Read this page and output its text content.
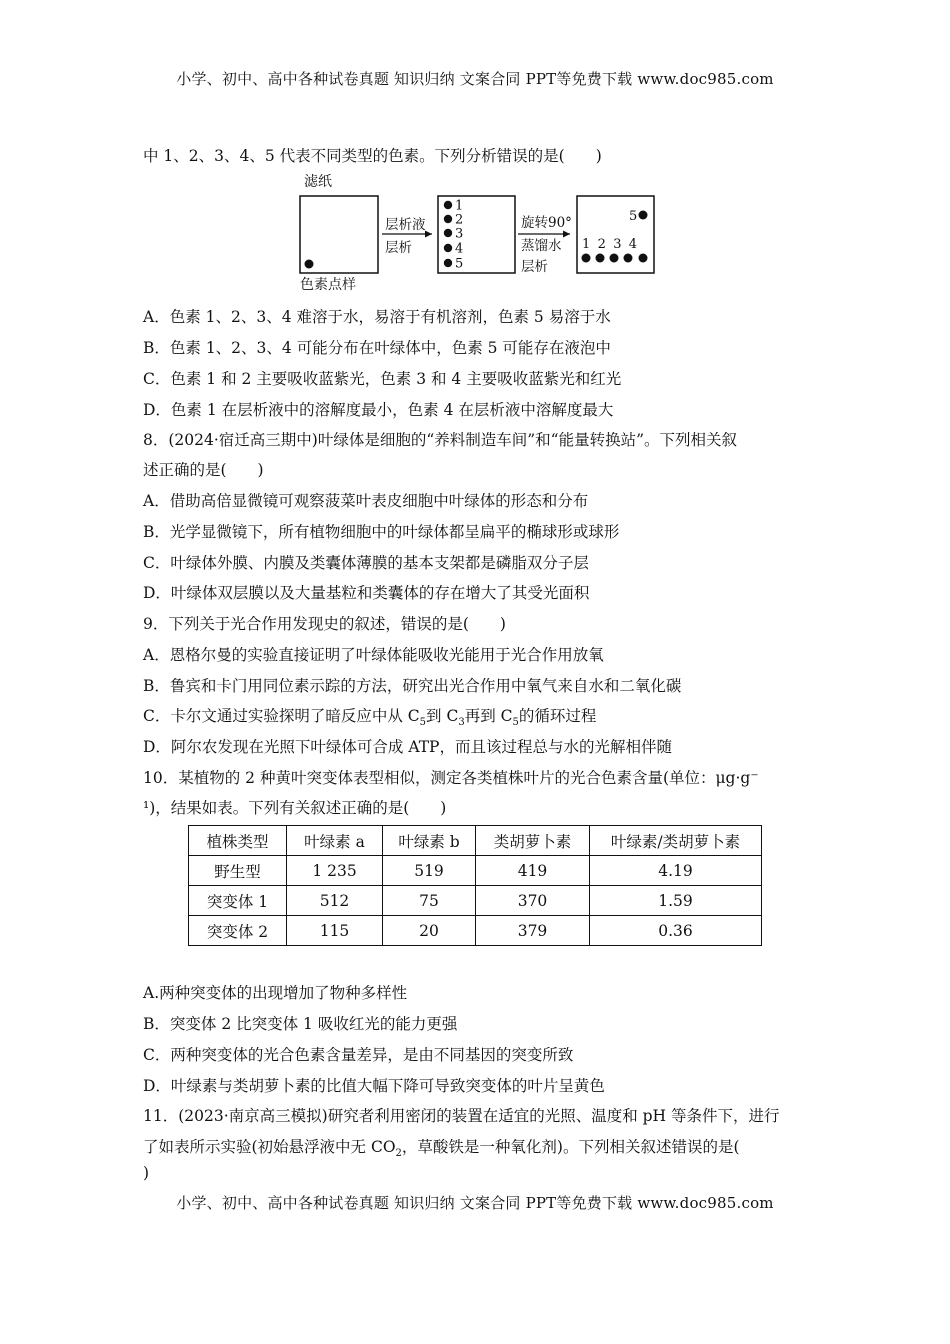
小学、初中、高中各种试卷真题 知识归纳 文案合同 PPT等免费下载 www.doc985.com
中 1、2、3、4、5 代表不同类型的色素。下列分析错误的是(　　)
滤纸
色素点样
层析液
层析
1
2
3
4
5
旋转90°
蒸馏水
层析
5
1 2 3 4
A．色素 1、2、3、4 难溶于水，易溶于有机溶剂，色素 5 易溶于水
B．色素 1、2、3、4 可能分布在叶绿体中，色素 5 可能存在液泡中
C．色素 1 和 2 主要吸收蓝紫光，色素 3 和 4 主要吸收蓝紫光和红光
D．色素 1 在层析液中的溶解度最小，色素 4 在层析液中溶解度最大
8．(2024·宿迁高三期中)叶绿体是细胞的“养料制造车间”和“能量转换站”。下列相关叙
述正确的是(　　)
A．借助高倍显微镜可观察菠菜叶表皮细胞中叶绿体的形态和分布
B．光学显微镜下，所有植物细胞中的叶绿体都呈扁平的椭球形或球形
C．叶绿体外膜、内膜及类囊体薄膜的基本支架都是磷脂双分子层
D．叶绿体双层膜以及大量基粒和类囊体的存在增大了其受光面积
9．下列关于光合作用发现史的叙述，错误的是(　　)
A．恩格尔曼的实验直接证明了叶绿体能吸收光能用于光合作用放氧
B．鲁宾和卡门用同位素示踪的方法，研究出光合作用中氧气来自水和二氧化碳
C．卡尔文通过实验探明了暗反应中从 $C_5$到 $C_3$再到 $C_5$的循环过程
D．阿尔农发现在光照下叶绿体可合成 ATP，而且该过程总与水的光解相伴随
10．某植物的 2 种黄叶突变体表型相似，测定各类植株叶片的光合色素含量(单位：μg·g⁻
¹)，结果如表。下列有关叙述正确的是(　　)
植株类型	叶绿素 a	叶绿素 b	类胡萝卜素	叶绿素/类胡萝卜素
野生型	1 235	519	419	4.19
突变体 1	512	75	370	1.59
突变体 2	115	20	379	0.36
A.两种突变体的出现增加了物种多样性
B．突变体 2 比突变体 1 吸收红光的能力更强
C．两种突变体的光合色素含量差异，是由不同基因的突变所致
D．叶绿素与类胡萝卜素的比值大幅下降可导致突变体的叶片呈黄色
11．(2023·南京高三模拟)研究者利用密闭的装置在适宜的光照、温度和 pH 等条件下，进行
了如表所示实验(初始悬浮液中无 $CO_2$，草酸铁是一种氧化剂)。下列相关叙述错误的是(
)
小学、初中、高中各种试卷真题 知识归纳 文案合同 PPT等免费下载 www.doc985.com
